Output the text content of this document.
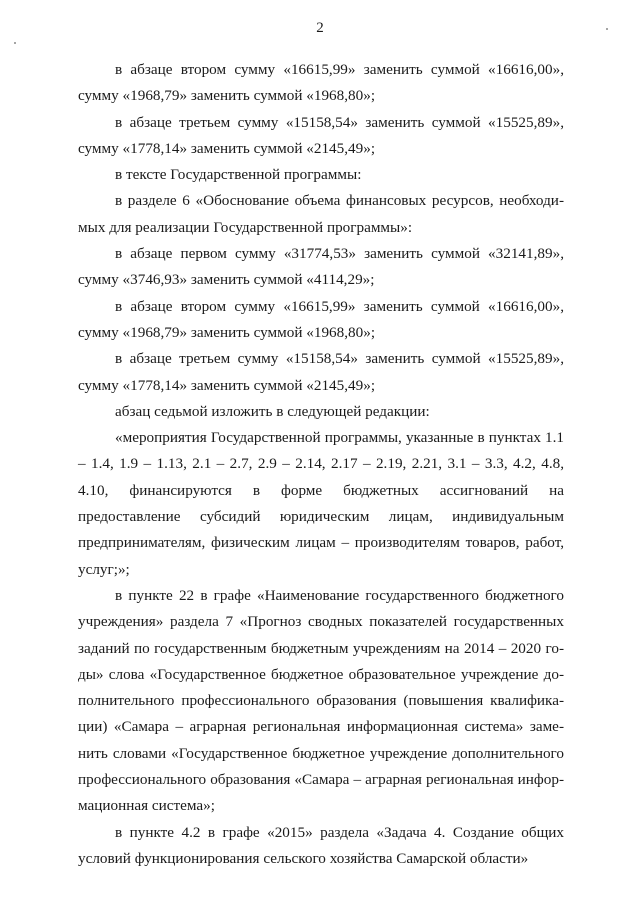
2

в абзаце втором сумму «16615,99» заменить суммой «16616,00», сумму «1968,79» заменить суммой «1968,80»;

в абзаце третьем сумму «15158,54» заменить суммой «15525,89», сумму «1778,14» заменить суммой «2145,49»;

в тексте Государственной программы:

в разделе 6 «Обоснование объема финансовых ресурсов, необходимых для реализации Государственной программы»:

в абзаце первом сумму «31774,53» заменить суммой «32141,89», сумму «3746,93» заменить суммой «4114,29»;

в абзаце втором сумму «16615,99» заменить суммой «16616,00», сумму «1968,79» заменить суммой «1968,80»;

в абзаце третьем сумму «15158,54» заменить суммой «15525,89», сумму «1778,14» заменить суммой «2145,49»;

абзац седьмой изложить в следующей редакции:

«мероприятия Государственной программы, указанные в пунктах 1.1 – 1.4, 1.9 – 1.13, 2.1 – 2.7, 2.9 – 2.14, 2.17 – 2.19, 2.21, 3.1 – 3.3, 4.2, 4.8, 4.10, финансируются в форме бюджетных ассигнований на предоставление субсидий юридическим лицам, индивидуальным предпринимателям, физическим лицам – производителям товаров, работ, услуг;»;

в пункте 22 в графе «Наименование государственного бюджетного учреждения» раздела 7 «Прогноз сводных показателей государственных заданий по государственным бюджетным учреждениям на 2014 – 2020 годы» слова «Государственное бюджетное образовательное учреждение дополнительного профессионального образования (повышения квалификации) «Самара – аграрная региональная информационная система» заменить словами «Государственное бюджетное учреждение дополнительного профессионального образования «Самара – аграрная региональная информационная система»;

в пункте 4.2 в графе «2015» раздела «Задача 4. Создание общих условий функционирования сельского хозяйства Самарской области»
